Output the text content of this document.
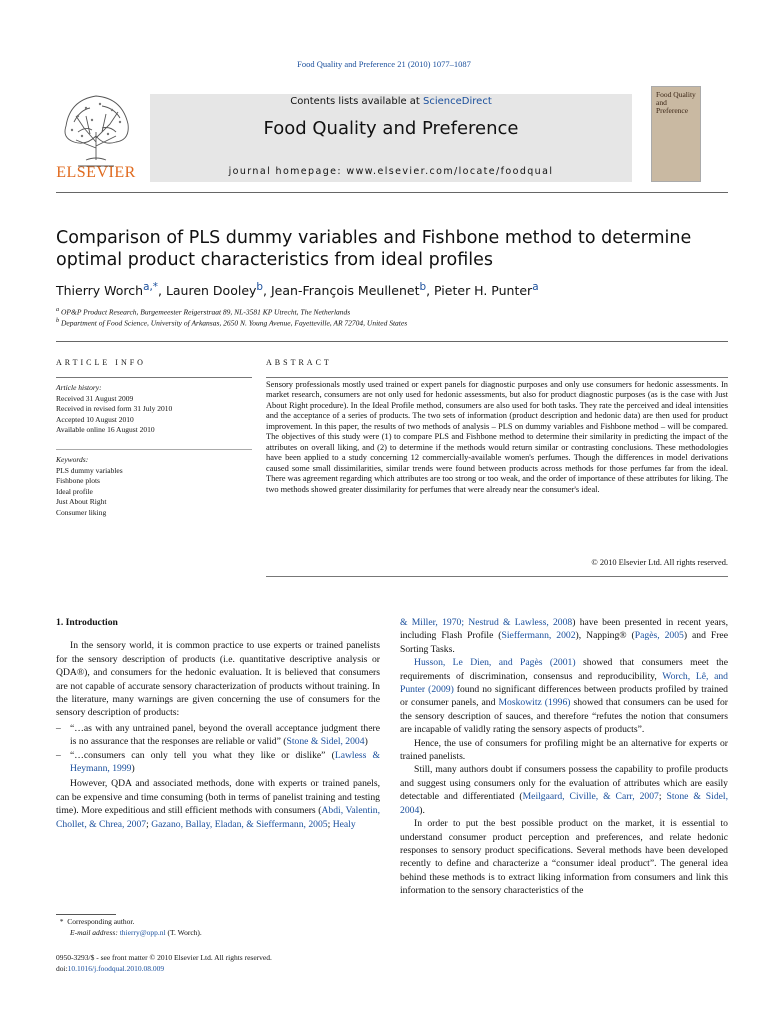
Food Quality and Preference 21 (2010) 1077–1087
ELSEVIER
Contents lists available at ScienceDirect
Food Quality and Preference
journal homepage: www.elsevier.com/locate/foodqual
Food Quality and Preference
Comparison of PLS dummy variables and Fishbone method to determine optimal product characteristics from ideal profiles
Thierry Worch$^{a,*}$, Lauren Dooley$^b$, Jean-François Meullenet$^b$, Pieter H. Punter$^a$
$^a$ OP&P Product Research, Burgemeester Reigerstraat 89, NL-3581 KP Utrecht, The Netherlands
$^b$ Department of Food Science, University of Arkansas, 2650 N. Young Avenue, Fayetteville, AR 72704, United States
ARTICLE INFO
Article history:
Received 31 August 2009
Received in revised form 31 July 2010
Accepted 10 August 2010
Available online 16 August 2010
Keywords:
PLS dummy variables
Fishbone plots
Ideal profile
Just About Right
Consumer liking
ABSTRACT
Sensory professionals mostly used trained or expert panels for diagnostic purposes and only use consumers for hedonic assessments. In market research, consumers are not only used for hedonic assessments, but also for product diagnostic purposes (as is the case with Just About Right procedure). In the Ideal Profile method, consumers are also used for both tasks. They rate the perceived and ideal intensities and the acceptance of a series of products. The two sets of information (product description and hedonic data) are then used for product improvement. In this paper, the results of two methods of analysis – PLS on dummy variables and Fishbone method – will be compared. The objectives of this study were (1) to compare PLS and Fishbone method to determine their similarity in predicting the impact of the attributes on overall liking, and (2) to determine if the methods would return similar or contrasting conclusions. These methodologies have been applied to a study concerning 12 commercially-available women's perfumes. Though the differences in model derivations caused some small dissimilarities, similar trends were found between products across methods for those perfumes far from the ideal. There was agreement regarding which attributes are too strong or too weak, and the order of importance of these attributes for liking. The two methods showed greater dissimilarity for perfumes that were already near the consumer's ideal.
© 2010 Elsevier Ltd. All rights reserved.

1. Introduction

In the sensory world, it is common practice to use experts or trained panelists for the sensory description of products (i.e. quantitative descriptive analysis or QDA®), and consumers for the hedonic evaluation. It is believed that consumers are not capable of accurate sensory characterization of products without training. In the literature, many warnings are given concerning the use of consumers for the sensory description of products:

– “…as with any untrained panel, beyond the overall acceptance judgment there is no assurance that the responses are reliable or valid” (Stone & Sidel, 2004)
– “…consumers can only tell you what they like or dislike” (Lawless & Heymann, 1999)

However, QDA and associated methods, done with experts or trained panels, can be expensive and time consuming (both in terms of panelist training and testing time). More expeditious and still efficient methods with consumers (Abdi, Valentin, Chollet, & Chrea, 2007; Gazano, Ballay, Eladan, & Sieffermann, 2005; Healy

& Miller, 1970; Nestrud & Lawless, 2008) have been presented in recent years, including Flash Profile (Sieffermann, 2002), Napping® (Pagès, 2005) and Free Sorting Tasks.

Husson, Le Dien, and Pagès (2001) showed that consumers meet the requirements of discrimination, consensus and reproducibility, Worch, Lê, and Punter (2009) found no significant differences between products profiled by trained or consumer panels, and Moskowitz (1996) showed that consumers can be used for the sensory description of sauces, and therefore “refutes the notion that consumers are incapable of validly rating the sensory aspects of products”.

Hence, the use of consumers for profiling might be an alternative for experts or trained panelists.

Still, many authors doubt if consumers possess the capability to profile products and suggest using consumers only for the evaluation of attributes which are easily detectable and differentiated (Meilgaard, Civille, & Carr, 2007; Stone & Sidel, 2004).

In order to put the best possible product on the market, it is essential to understand consumer product perception and preferences, and relate hedonic responses to sensory product specifications. Several methods have been developed recently to define and characterize a “consumer ideal product”. The general idea behind these methods is to extract liking information from consumers and link this information to the sensory characteristics of the

* Corresponding author.
E-mail address: thierry@opp.nl (T. Worch).
0950-3293/$ - see front matter © 2010 Elsevier Ltd. All rights reserved.
doi:10.1016/j.foodqual.2010.08.009
